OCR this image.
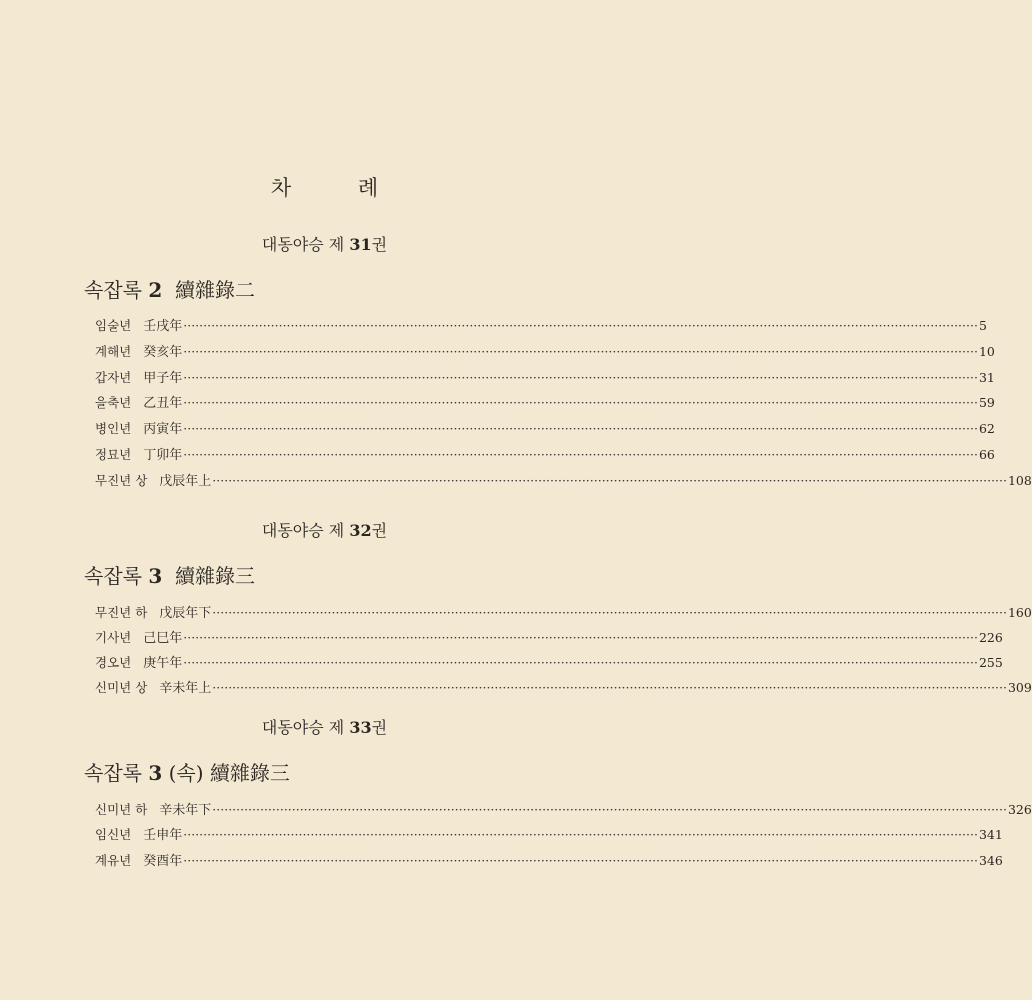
차 례
대동야승 제 31권
속잡록 2 續雜錄二
임술년 壬戌年 ········································································································································································································ 5
계해년 癸亥年 ········································································································································································································ 10
갑자년 甲子年 ········································································································································································································ 31
을축년 乙丑年 ········································································································································································································ 59
병인년 丙寅年 ········································································································································································································ 62
정묘년 丁卯年 ········································································································································································································ 66
무진년 상 戊辰年上 ········································································································································································································ 108
대동야승 제 32권
속잡록 3 續雜錄三
무진년 하 戊辰年下 ········································································································································································································ 160
기사년 己巳年 ········································································································································································································ 226
경오년 庚午年 ········································································································································································································ 255
신미년 상 辛未年上 ········································································································································································································ 309
대동야승 제 33권
속잡록 3 (속) 續雜錄三
신미년 하 辛未年下 ········································································································································································································ 326
임신년 壬申年 ········································································································································································································ 341
계유년 癸酉年 ········································································································································································································ 346
